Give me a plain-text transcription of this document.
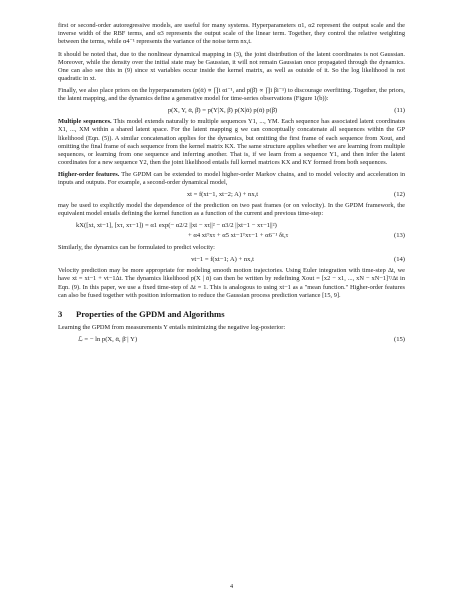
first or second-order autoregressive models, are useful for many systems. Hyperparameters α1, α2 represent the output scale and the inverse width of the RBF terms, and α3 represents the output scale of the linear term. Together, they control the relative weighting between the terms, while α4⁻¹ represents the variance of the noise term nx,t.

It should be noted that, due to the nonlinear dynamical mapping in (3), the joint distribution of the latent coordinates is not Gaussian. Moreover, while the density over the initial state may be Gaussian, it will not remain Gaussian once propagated through the dynamics. One can also see this in (9) since xt variables occur inside the kernel matrix, as well as outside of it. So the log likelihood is not quadratic in xt.

Finally, we also place priors on the hyperparameters (p(ᾱ) ∝ ∏i αi⁻¹, and p(β̄) ∝ ∏i βi⁻¹) to discourage overfitting. Together, the priors, the latent mapping, and the dynamics define a generative model for time-series observations (Figure 1(b)):

p(X, Y, ᾱ, β̄) = p(Y|X, β̄) p(X|ᾱ) p(ᾱ) p(β̄)	(11)

Multiple sequences. This model extends naturally to multiple sequences Y1, ..., YM. Each sequence has associated latent coordinates X1, ..., XM within a shared latent space. For the latent mapping g we can conceptually concatenate all sequences within the GP likelihood (Eqn. (5)). A similar concatenation applies for the dynamics, but omitting the first frame of each sequence from Xout, and omitting the final frame of each sequence from the kernel matrix KX. The same structure applies whether we are learning from multiple sequences, or learning from one sequence and inferring another. That is, if we learn from a sequence Y1, and then infer the latent coordinates for a new sequence Y2, then the joint likelihood entails full kernel matrices KX and KY formed from both sequences.

Higher-order features. The GPDM can be extended to model higher-order Markov chains, and to model velocity and acceleration in inputs and outputs. For example, a second-order dynamical model,

xt = f(xt−1, xt−2; A) + nx,t	(12)

may be used to explicitly model the dependence of the prediction on two past frames (or on velocity). In the GPDM framework, the equivalent model entails defining the kernel function as a function of the current and previous time-step:

kX([xt, xt−1], [xτ, xτ−1]) = α1 exp(− α2/2 ||xt − xτ||² − α3/2 ||xt−1 − xτ−1||²)
+ α4 xtᵀxτ + α5 xt−1ᵀxτ−1 + α6⁻¹ δt,τ	(13)

Similarly, the dynamics can be formulated to predict velocity:

vt−1 = f(xt−1; A) + nx,t	(14)

Velocity prediction may be more appropriate for modeling smooth motion trajectories. Using Euler integration with time-step Δt, we have xt = xt−1 + vt−1Δt. The dynamics likelihood p(X | ᾱ) can then be written by redefining Xout = [x2 − x1, ..., xN − xN−1]ᵀ/Δt in Eqn. (9). In this paper, we use a fixed time-step of Δt = 1. This is analogous to using xt−1 as a "mean function." Higher-order features can also be fused together with position information to reduce the Gaussian process prediction variance [15, 9].

3 Properties of the GPDM and Algorithms

Learning the GPDM from measurements Y entails minimizing the negative log-posterior:

ℒ = − ln p(X, ᾱ, β̄ | Y)	(15)
4
